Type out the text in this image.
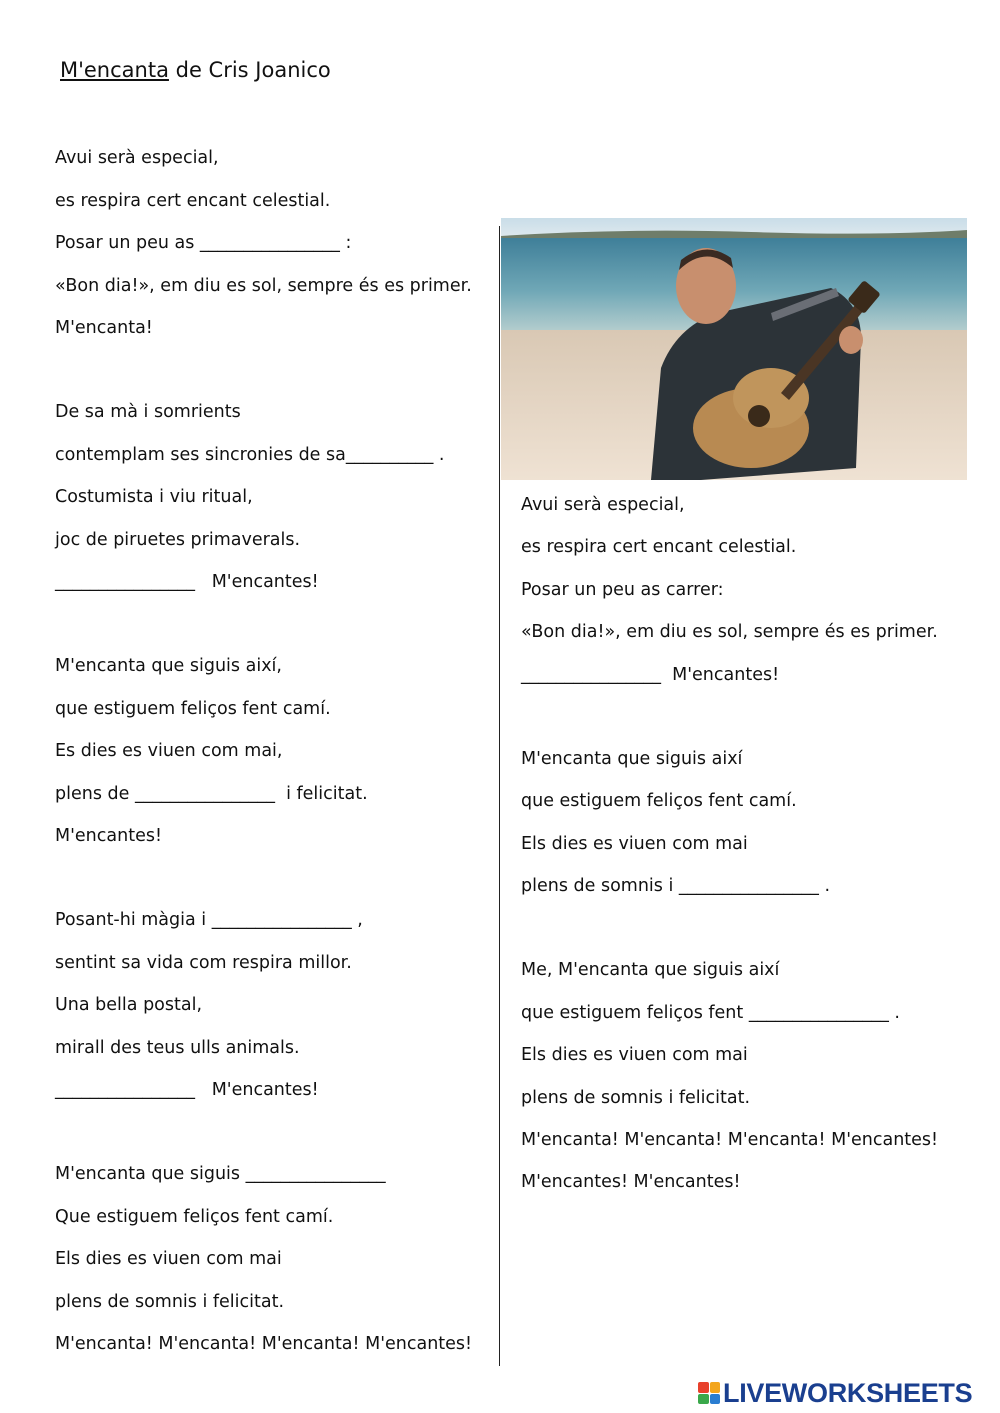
M'encanta de Cris Joanico
Avui serà especial,
es respira cert encant celestial.
Posar un peu as ________________ :
«Bon dia!», em diu es sol, sempre és es primer.
M'encanta!
De sa mà i somrients
contemplam ses sincronies de sa__________ .
Costumista i viu ritual,
joc de piruetes primaverals.
________________   M'encantes!
M'encanta que siguis així,
que estiguem feliços fent camí.
Es dies es viuen com mai,
plens de ________________  i felicitat.
M'encantes!
Posant-hi màgia i ________________ ,
sentint sa vida com respira millor.
Una bella postal,
mirall des teus ulls animals.
________________   M'encantes!
M'encanta que siguis ________________
Que estiguem feliços fent camí.
Els dies es viuen com mai
plens de somnis i felicitat.
M'encanta! M'encanta! M'encanta! M'encantes!
Avui serà especial,
es respira cert encant celestial.
Posar un peu as carrer:
«Bon dia!», em diu es sol, sempre és es primer.
________________  M'encantes!
M'encanta que siguis així
que estiguem feliços fent camí.
Els dies es viuen com mai
plens de somnis i ________________ .
Me, M'encanta que siguis així
que estiguem feliços fent ________________ .
Els dies es viuen com mai
plens de somnis i felicitat.
M'encanta! M'encanta! M'encanta! M'encantes!
M'encantes! M'encantes!
LIVEWORKSHEETS
